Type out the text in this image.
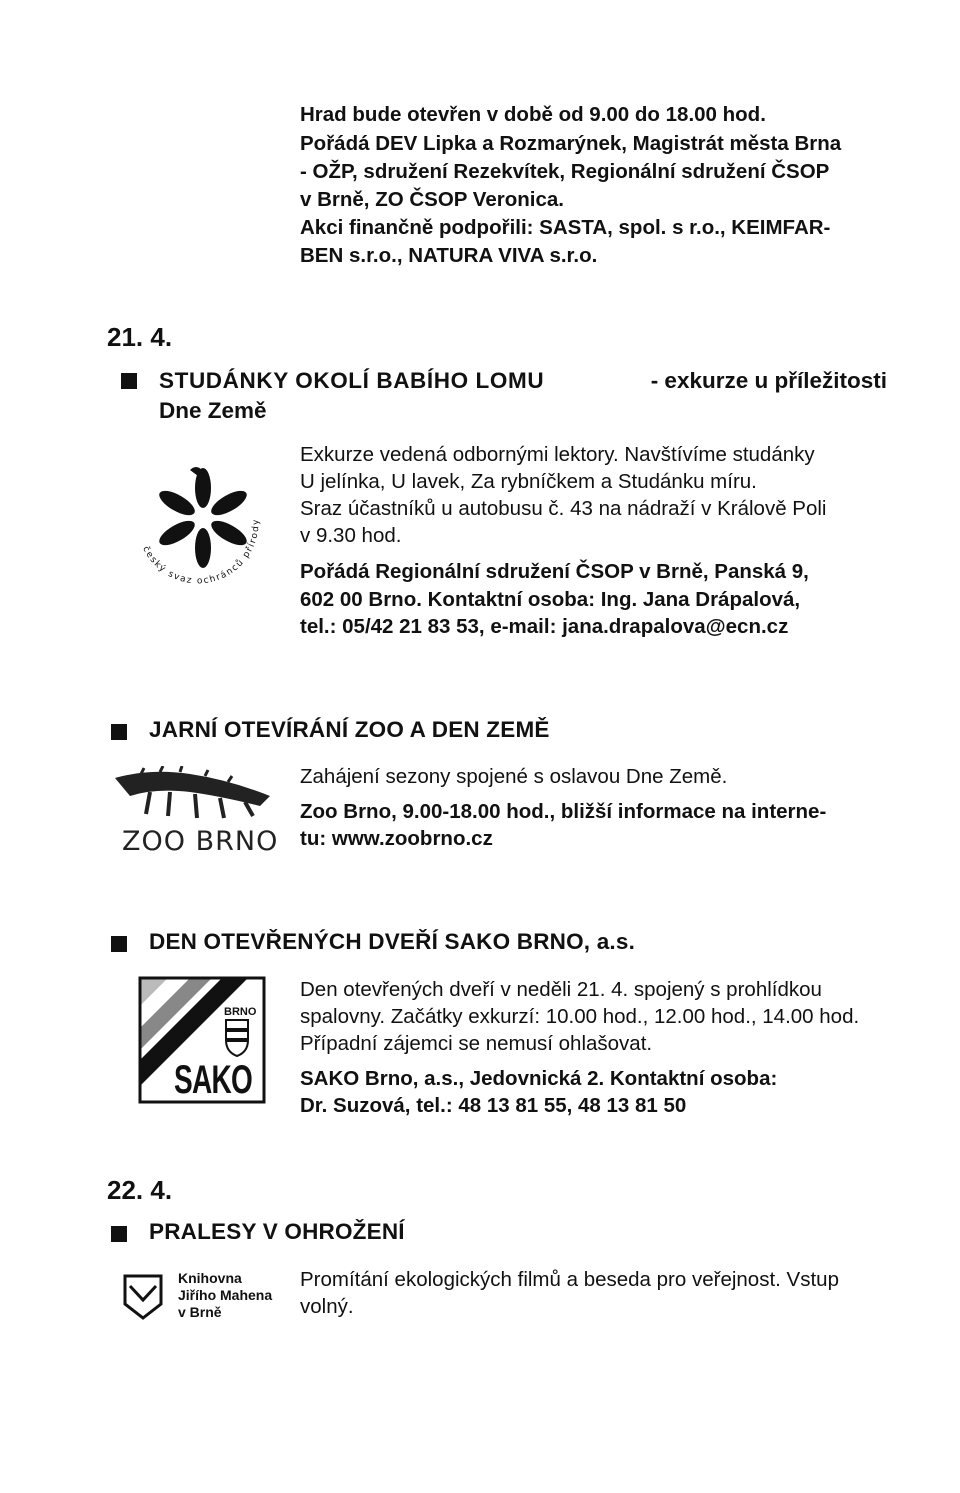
Hrad bude otevřen v době od 9.00 do 18.00 hod.
Pořádá DEV Lipka a Rozmarýnek, Magistrát města Brna
- OŽP, sdružení Rezekvítek, Regionální sdružení ČSOP
v Brně, ZO ČSOP Veronica.
Akci finančně podpořili: SASTA, spol. s r.o., KEIMFAR-
BEN s.r.o., NATURA VIVA s.r.o.
21. 4.
STUDÁNKY OKOLÍ BABÍHO LOMU	- exkurze u příležitosti
Dne Země
český svaz ochránců přírody
Exkurze vedená odbornými lektory. Navštívíme studánky
U jelínka, U lavek, Za rybníčkem a Studánku míru.
Sraz účastníků u autobusu č. 43 na nádraží v Králově Poli
v 9.30 hod.
Pořádá Regionální sdružení ČSOP v Brně, Panská 9,
602 00 Brno. Kontaktní osoba: Ing. Jana Drápalová,
tel.: 05/42 21 83 53, e-mail: jana.drapalova@ecn.cz
JARNÍ OTEVÍRÁNÍ ZOO A DEN ZEMĚ
ZOO BRNO
Zahájení sezony spojené s oslavou Dne Země.
Zoo Brno, 9.00-18.00 hod., bližší informace na interne-
tu: www.zoobrno.cz
DEN OTEVŘENÝCH DVEŘÍ SAKO BRNO, a.s.
BRNO
SAKO
Den otevřených dveří v neděli 21. 4. spojený s prohlídkou
spalovny. Začátky exkurzí: 10.00 hod., 12.00 hod., 14.00 hod.
Případní zájemci se nemusí ohlašovat.
SAKO Brno, a.s., Jedovnická 2. Kontaktní osoba:
Dr. Suzová, tel.: 48 13 81 55, 48 13 81 50
22. 4.
PRALESY V OHROŽENÍ
Knihovna
Jiřího Mahena
v Brně
Promítání ekologických filmů a beseda pro veřejnost. Vstup
volný.
